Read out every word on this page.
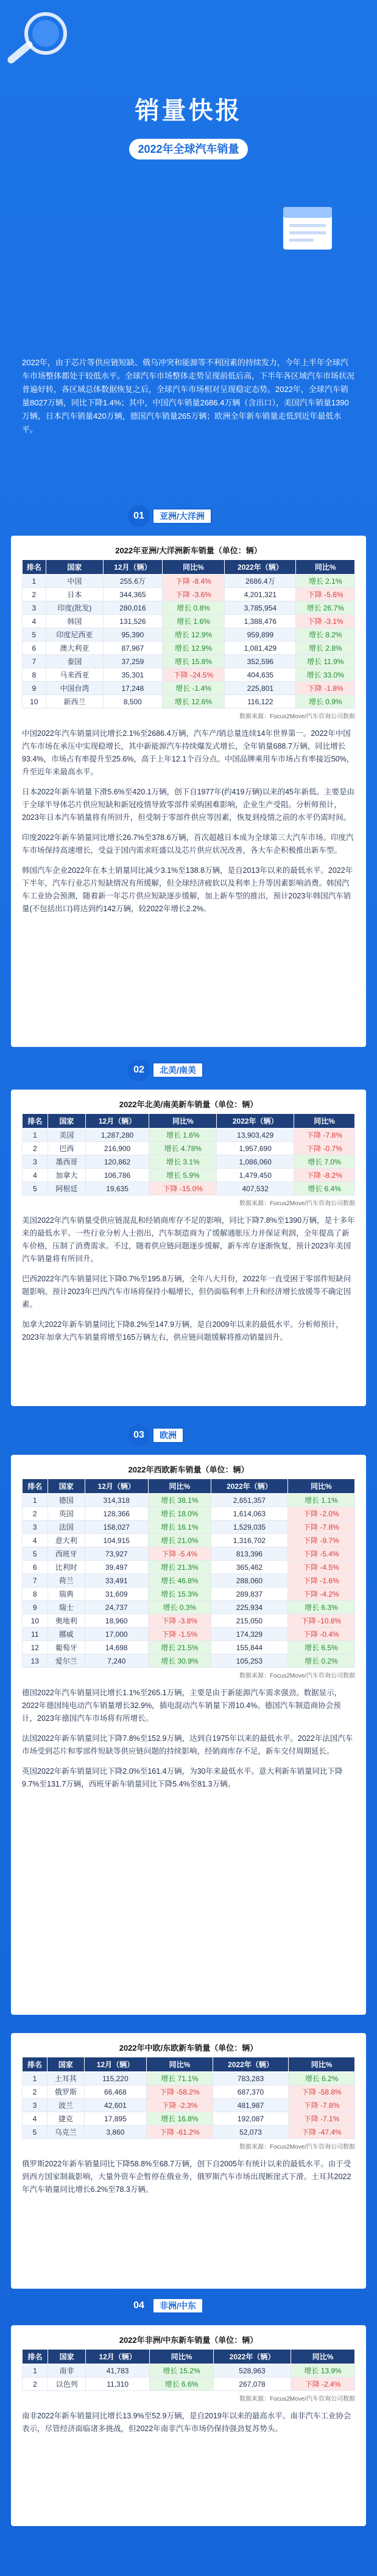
销量快报
2022年全球汽车销量
2022年，由于芯片等供应链短缺、俄乌冲突和能源等不利因素的持续发力，今年上半年全球汽车市场整体都处于较低水平。全球汽车市场整体走势呈现前低后高，下半年各区域汽车市场状况普遍好转，各区域总体数据恢复之后，全球汽车市场相对呈现稳定态势。2022年，全球汽车销量8027万辆，同比下降1.4%；其中，中国汽车销量2686.4万辆（含出口），美国汽车销量1390万辆，日本汽车销量420万辆，德国汽车销量265万辆；欧洲全年新车销量走低到近年最低水平。
2022年亚洲/大洋洲新车销量（单位：辆）
排名	国家	12月（辆）	同比%	2022年（辆）	同比%
1	中国	255.6万	下降 -8.4%	2686.4万	增长 2.1%
2	日本	344,365	下降 -3.6%	4,201,321	下降 -5.6%
3	印度(批发)	280,016	增长 0.8%	3,785,954	增长 26.7%
4	韩国	131,526	增长 1.6%	1,388,476	下降 -3.1%
5	印度尼西亚	95,390	增长 12.9%	959,899	增长 8.2%
6	澳大利亚	87,967	增长 12.9%	1,081,429	增长 2.8%
7	泰国	37,259	增长 15.8%	352,596	增长 11.9%
8	马来西亚	35,301	下降 -24.5%	404,635	增长 33.0%
9	中国台湾	17,248	增长 -1.4%	225,801	下降 -1.8%
10	新西兰	8,500	增长 12.6%	116,122	增长 0.9%
数据来源：Focus2Move/汽车咨询公司数据
中国2022年汽车销量同比增长2.1%至2686.4万辆，汽车产/销总量连续14年世界第一。2022年中国汽车市场在承压中实现稳增长，其中新能源汽车持续爆发式增长，全年销量688.7万辆，同比增长93.4%，市场占有率提升至25.6%，高于上年12.1个百分点。中国品牌乘用车市场占有率接近50%，升至近年来最高水平。
日本2022年新车销量下滑5.6%至420.1万辆，创下自1977年(约419万辆)以来的45年新低。主要是由于全球半导体芯片供应短缺和新冠疫情导致零部件采购困难影响，企业生产受阻。分析师预计，2023年日本汽车销量将有所回升，但受制于零部件供应等因素，恢复到疫情之前的水平仍需时间。
印度2022年新车销量同比增长26.7%至378.6万辆，首次超越日本成为全球第三大汽车市场。印度汽车市场保持高速增长，受益于国内需求旺盛以及芯片供应状况改善，各大车企积极推出新车型。
韩国汽车企业2022年在本土销量同比减少3.1%至138.8万辆，是自2013年以来的最低水平。2022年下半年，汽车行业芯片短缺情况有所缓解，但全球经济疲软以及利率上升等因素影响消费。韩国汽车工业协会预测，随着新一年芯片供应短缺逐步缓解，加上新车型的推出，预计2023年韩国汽车销量(不包括出口)将达到约142万辆，较2022年增长2.2%。
2022年北美/南美新车销量（单位：辆）
排名	国家	12月（辆）	同比%	2022年（辆）	同比%
1	美国	1,287,280	增长 1.6%	13,903,429	下降 -7.8%
2	巴西	216,900	增长 4.78%	1,957,690	下降 -0.7%
3	墨西哥	120,862	增长 3.1%	1,086,060	增长 7.0%
4	加拿大	106,786	增长 5.9%	1,479,450	下降 -8.2%
5	阿根廷	19,635	下降 -15.0%	407,532	增长 6.4%
数据来源：Focus2Move/汽车咨询公司数据
美国2022年汽车销量受供应链混乱和经销商库存不足的影响，同比下降7.8%至1390万辆，是十多年来的最低水平。一些行业分析人士指出，汽车制造商为了缓解通胀压力并保证利润，全年提高了新车价格，压制了消费需求。不过，随着供应链问题逐步缓解，新车库存逐渐恢复，预计2023年美国汽车销量将有所回升。
巴西2022年汽车销量同比下降0.7%至195.8万辆，全年八大月份，2022年一直受困于零部件短缺问题影响。预计2023年巴西汽车市场将保持小幅增长，但仍面临利率上升和经济增长放缓等不确定因素。
加拿大2022年新车销量同比下降8.2%至147.9万辆，是自2009年以来的最低水平。分析师预计，2023年加拿大汽车销量将增至165万辆左右，供应链问题缓解将推动销量回升。
2022年西欧新车销量（单位：辆）
排名	国家	12月（辆）	同比%	2022年（辆）	同比%
1	德国	314,318	增长 38.1%	2,651,357	增长 1.1%
2	英国	128,366	增长 18.0%	1,614,063	下降 -2.0%
3	法国	158,027	增长 16.1%	1,529,035	下降 -7.8%
4	意大利	104,915	增长 21.0%	1,316,702	下降 -9.7%
5	西班牙	73,927	下降 -5.4%	813,396	下降 -5.4%
6	比利时	39,497	增长 21.3%	365,462	下降 -4.5%
7	荷兰	33,491	增长 46.8%	288,060	下降 -1.6%
8	瑞典	31,609	增长 15.3%	289,837	下降 -4.2%
9	瑞士	24,737	增长 0.3%	225,934	增长 6.3%
10	奥地利	18,960	下降 -3.8%	215,050	下降 -10.8%
11	挪威	17,000	下降 -1.5%	174,329	下降 -0.4%
12	葡萄牙	14,698	增长 21.5%	155,844	增长 6.5%
13	爱尔兰	7,240	增长 30.9%	105,253	增长 0.2%
数据来源：Focus2Move/汽车咨询公司数据
德国2022年汽车销量同比增长1.1%至265.1万辆，主要是由于新能源汽车需求强劲。数据显示，2022年德国纯电动汽车销量增长32.9%，插电混动汽车销量下滑10.4%。德国汽车制造商协会预计，2023年德国汽车市场将有所增长。
法国2022年新车销量同比下降7.8%至152.9万辆，达到自1975年以来的最低水平。2022年法国汽车市场受到芯片和零部件短缺等供应链问题的持续影响，经销商库存不足，新车交付周期延长。
英国2022年新车销量同比下降2.0%至161.4万辆，为30年来最低水平。意大利新车销量同比下降9.7%至131.7万辆，西班牙新车销量同比下降5.4%至81.3万辆。
2022年中欧/东欧新车销量（单位：辆）
排名	国家	12月（辆）	同比%	2022年（辆）	同比%
1	土耳其	115,220	增长 71.1%	783,283	增长 6.2%
2	俄罗斯	66,468	下降 -58.2%	687,370	下降 -58.8%
3	波兰	42,601	下降 -2.3%	481,987	下降 -7.8%
4	捷克	17,895	增长 16.8%	192,087	下降 -7.1%
5	乌克兰	3,860	下降 -61.2%	52,073	下降 -47.4%
数据来源：Focus2Move/汽车咨询公司数据
俄罗斯2022年新车销量同比下降58.8%至68.7万辆，创下自2005年有统计以来的最低水平。由于受到西方国家制裁影响，大量外资车企暂停在俄业务，俄罗斯汽车市场出现断崖式下滑。土耳其2022年汽车销量同比增长6.2%至78.3万辆。
2022年非洲/中东新车销量（单位：辆）
排名	国家	12月（辆）	同比%	2022年（辆）	同比%
1	南非	41,783	增长 15.2%	528,963	增长 13.9%
2	以色列	11,310	增长 6.6%	267,078	下降 -2.4%
数据来源：Focus2Move/汽车咨询公司数据
南非2022年新车销量同比增长13.9%至52.9万辆，是自2019年以来的最高水平。南非汽车工业协会表示，尽管经济面临诸多挑战，但2022年南非汽车市场仍保持强劲复苏势头。
01	亚洲/大洋洲
02	北美/南美
03	欧洲
04	非洲/中东
